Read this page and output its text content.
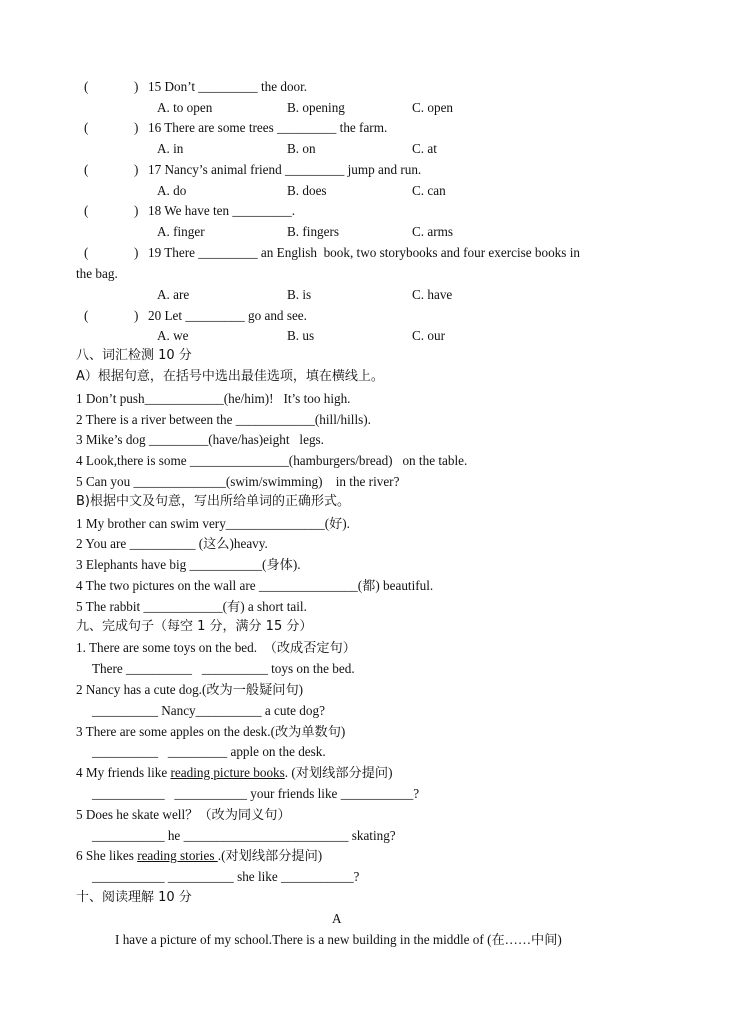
(	) 15 Don’t _________ the door.
A. to open	B. opening	C. open
(	) 16 There are some trees _________ the farm.
A. in	B. on	C. at
(	) 17 Nancy’s animal friend _________ jump and run.
A. do	B. does	C. can
(	) 18 We have ten _________.
A. finger	B. fingers	C. arms
(	) 19 There _________ an English  book, two storybooks and four exercise books in
the bag.
A. are	B. is	C. have
(	) 20 Let _________ go and see.
A. we	B. us	C. our
八、词汇检测 10 分
A）根据句意，在括号中选出最佳选项，填在横线上。
1 Don’t push____________(he/him)!   It’s too high.
2 There is a river between the ____________(hill/hills).
3 Mike’s dog _________(have/has)eight   legs.
4 Look,there is some _______________(hamburgers/bread)   on the table.
5 Can you ______________(swim/swimming)    in the river?
B)根据中文及句意，写出所给单词的正确形式。
1 My brother can swim very_______________(好).
2 You are __________ (这么)heavy.
3 Elephants have big ___________(身体).
4 The two pictures on the wall are _______________(都) beautiful.
5 The rabbit ____________(有) a short tail.
九、完成句子（每空 1 分，满分 15 分）
1. There are some toys on the bed.  （改成否定句）
There __________   __________ toys on the bed.
2 Nancy has a cute dog.(改为一般疑问句)
__________ Nancy__________ a cute dog?
3 There are some apples on the desk.(改为单数句)
__________   _________ apple on the desk.
4 My friends like reading picture books. (对划线部分提问)
___________   ___________ your friends like ___________?
5 Does he skate well？（改为同义句）
___________ he _________________________ skating?
6 She likes reading stories .(对划线部分提问)
___________ __________ she like ___________?
十、阅读理解 10 分
A
I have a picture of my school.There is a new building in the middle of (在……中间)
